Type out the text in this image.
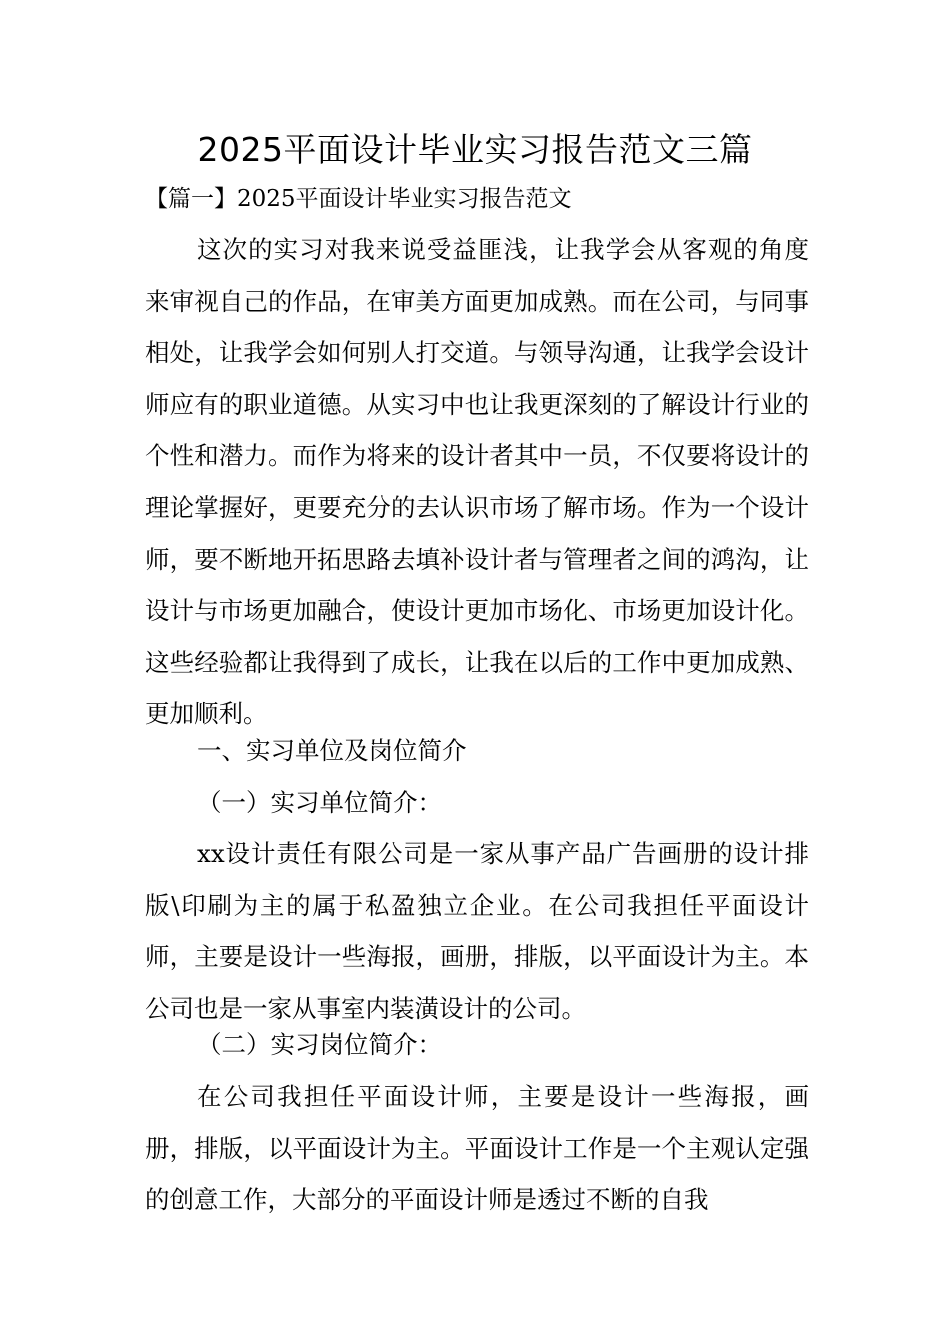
2025平面设计毕业实习报告范文三篇
【篇一】2025平面设计毕业实习报告范文

这次的实习对我来说受益匪浅，让我学会从客观的角度来审视自己的作品，在审美方面更加成熟。而在公司，与同事相处，让我学会如何别人打交道。与领导沟通，让我学会设计师应有的职业道德。从实习中也让我更深刻的了解设计行业的个性和潜力。而作为将来的设计者其中一员，不仅要将设计的理论掌握好，更要充分的去认识市场了解市场。作为一个设计师，要不断地开拓思路去填补设计者与管理者之间的鸿沟，让设计与市场更加融合，使设计更加市场化、市场更加设计化。这些经验都让我得到了成长，让我在以后的工作中更加成熟、更加顺利。

一、实习单位及岗位简介

（一）实习单位简介：

xx设计责任有限公司是一家从事产品广告画册的设计排版\印刷为主的属于私盈独立企业。在公司我担任平面设计师，主要是设计一些海报，画册，排版，以平面设计为主。本公司也是一家从事室内装潢设计的公司。

（二）实习岗位简介：

在公司我担任平面设计师，主要是设计一些海报，画册，排版，以平面设计为主。平面设计工作是一个主观认定强的创意工作，大部分的平面设计师是透过不断的自我
